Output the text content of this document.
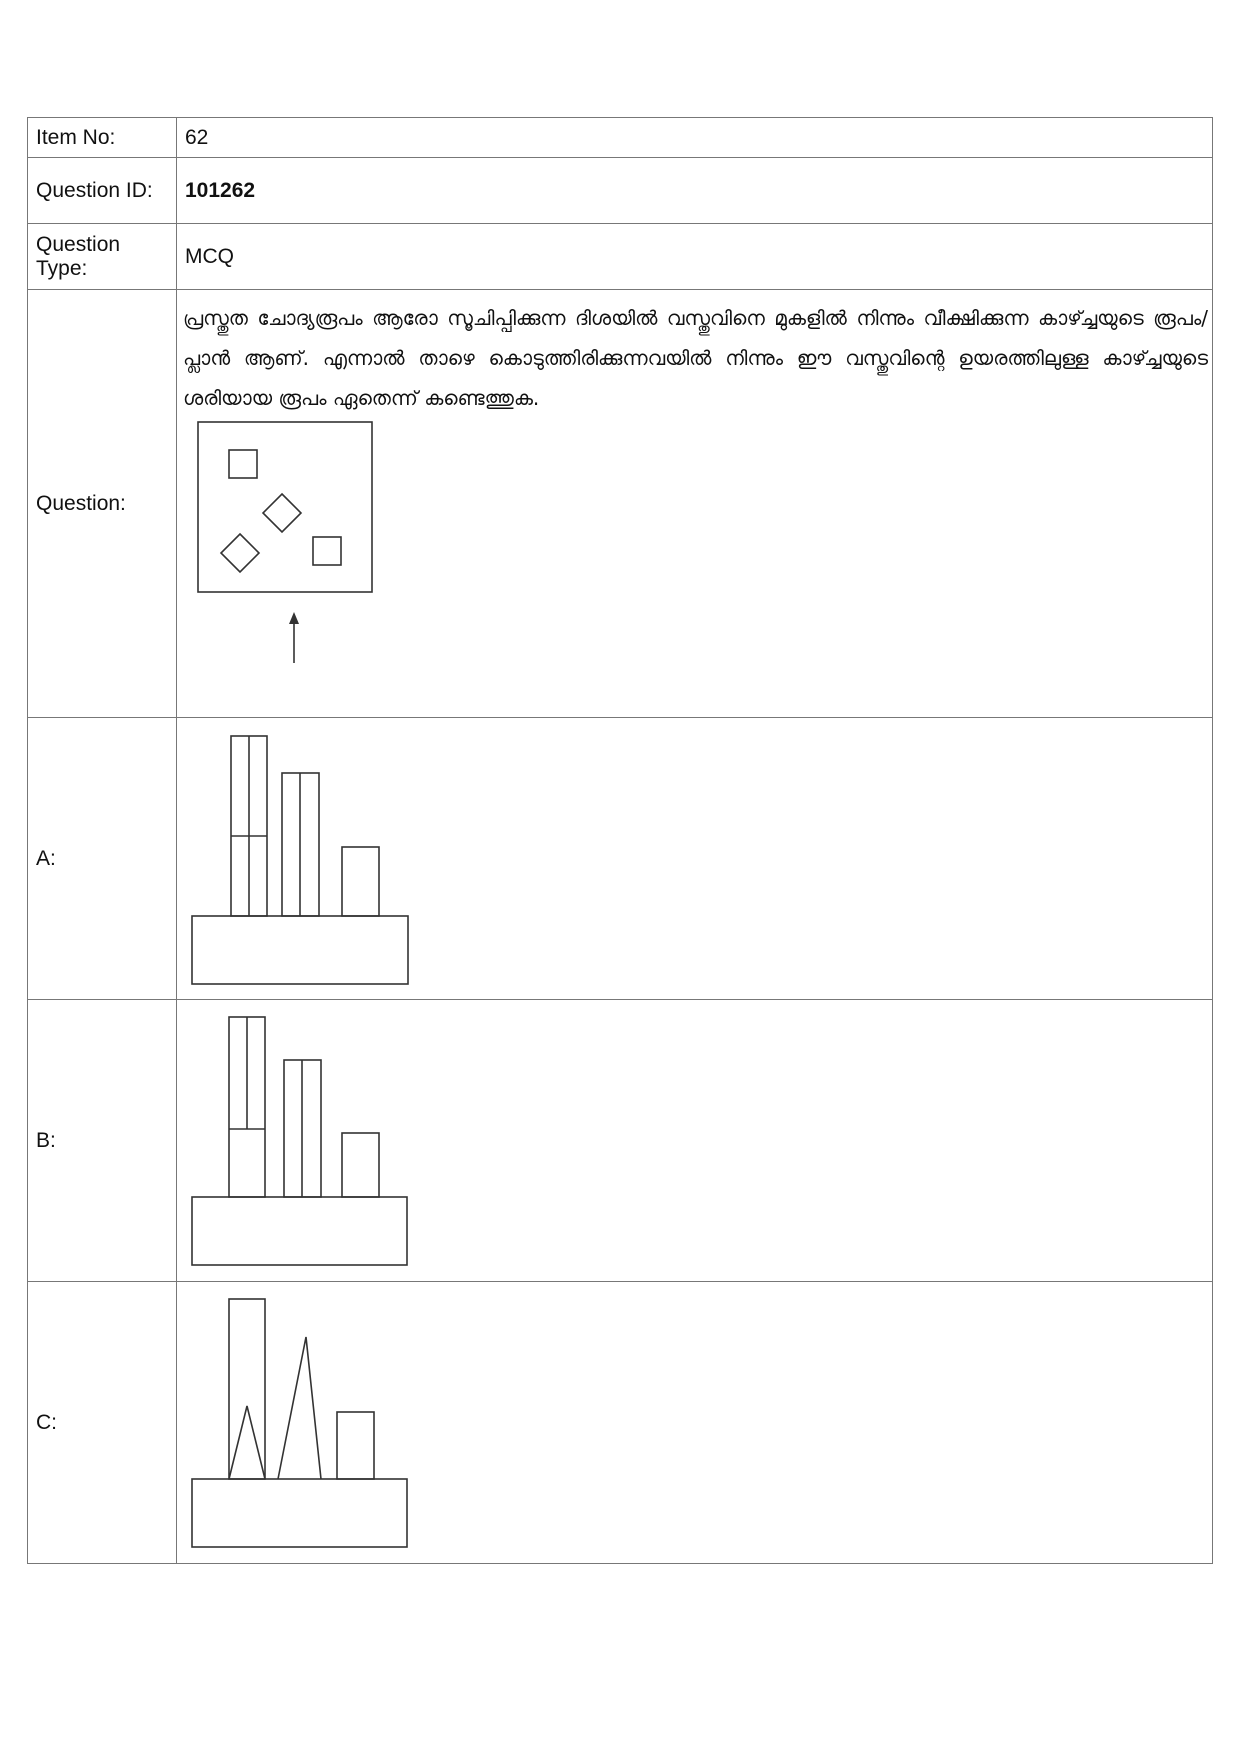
Item No:	62
Question ID:	101262
Question Type:	MCQ
Question:	പ്രസ്തുത ചോദ്യരൂപം ആരോ സൂചിപ്പിക്കുന്ന ദിശയിൽ വസ്തുവിനെ മുകളിൽ നിന്നും വീക്ഷിക്കുന്ന കാഴ്ച്ചയുടെ രൂപം/ പ്ലാൻ ആണ്. എന്നാൽ താഴെ കൊടുത്തിരിക്കുന്നവയിൽ നിന്നും ഈ വസ്തുവിന്റെ ഉയരത്തിലുള്ള കാഴ്ച്ചയുടെ ശരിയായ രൂപം ഏതെന്ന് കണ്ടെത്തുക.

A:	

B:	

C:	
